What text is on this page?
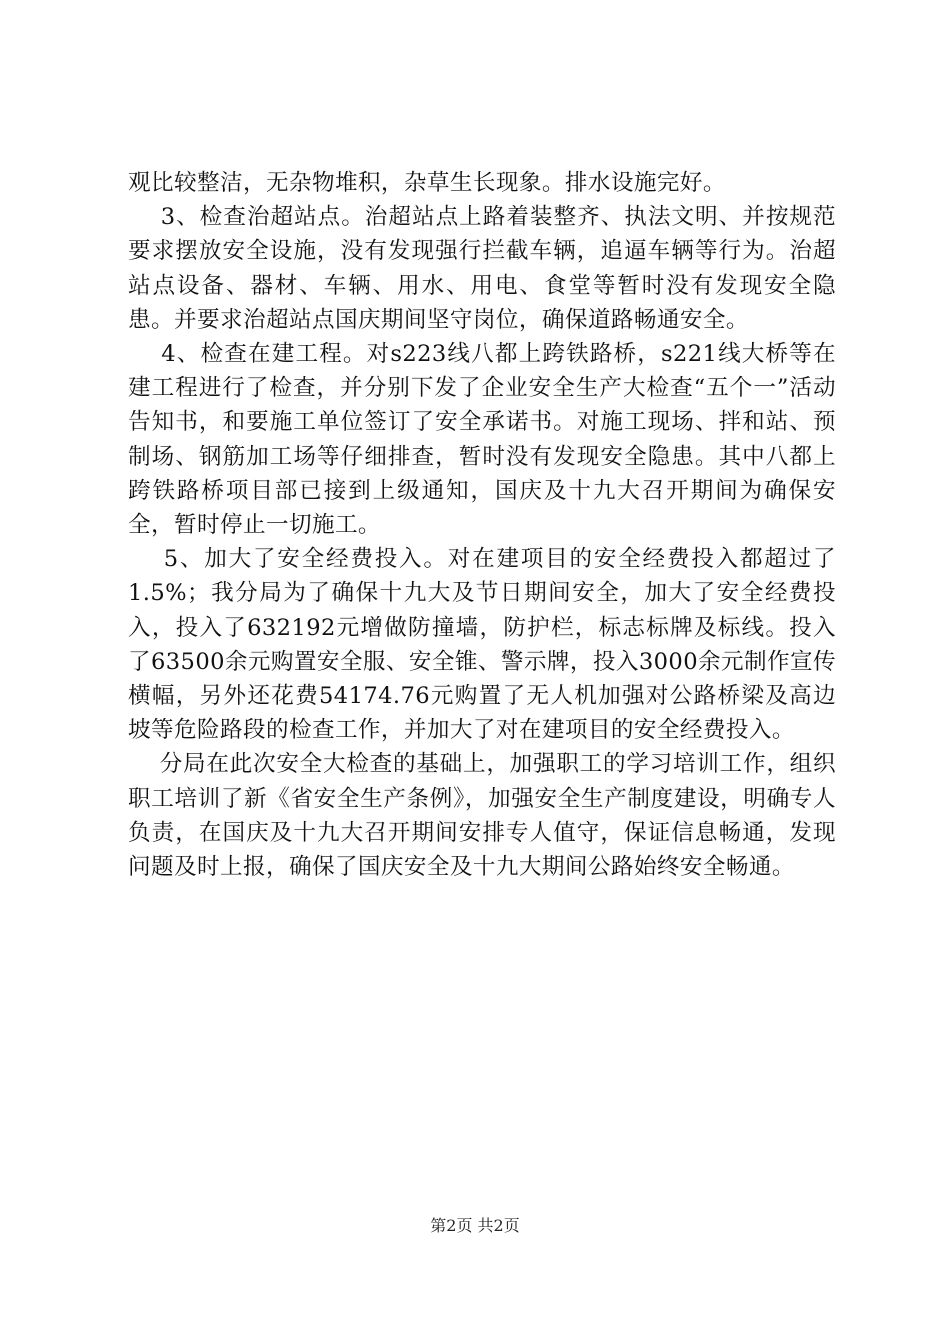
观比较整洁，无杂物堆积，杂草生长现象。排水设施完好。

3、检查治超站点。治超站点上路着装整齐、执法文明、并按规范要求摆放安全设施，没有发现强行拦截车辆，追逼车辆等行为。治超站点设备、器材、车辆、用水、用电、食堂等暂时没有发现安全隐患。并要求治超站点国庆期间坚守岗位，确保道路畅通安全。

4、检查在建工程。对s223线八都上跨铁路桥，s221线大桥等在建工程进行了检查，并分别下发了企业安全生产大检查“五个一”活动告知书，和要施工单位签订了安全承诺书。对施工现场、拌和站、预制场、钢筋加工场等仔细排查，暂时没有发现安全隐患。其中八都上跨铁路桥项目部已接到上级通知，国庆及十九大召开期间为确保安全，暂时停止一切施工。

5、加大了安全经费投入。对在建项目的安全经费投入都超过了1.5%；我分局为了确保十九大及节日期间安全，加大了安全经费投入，投入了632192元增做防撞墙，防护栏，标志标牌及标线。投入了63500余元购置安全服、安全锥、警示牌，投入3000余元制作宣传横幅，另外还花费54174.76元购置了无人机加强对公路桥梁及高边坡等危险路段的检查工作，并加大了对在建项目的安全经费投入。

分局在此次安全大检查的基础上，加强职工的学习培训工作，组织职工培训了新《省安全生产条例》，加强安全生产制度建设，明确专人负责，在国庆及十九大召开期间安排专人值守，保证信息畅通，发现问题及时上报，确保了国庆安全及十九大期间公路始终安全畅通。

第2页 共2页
